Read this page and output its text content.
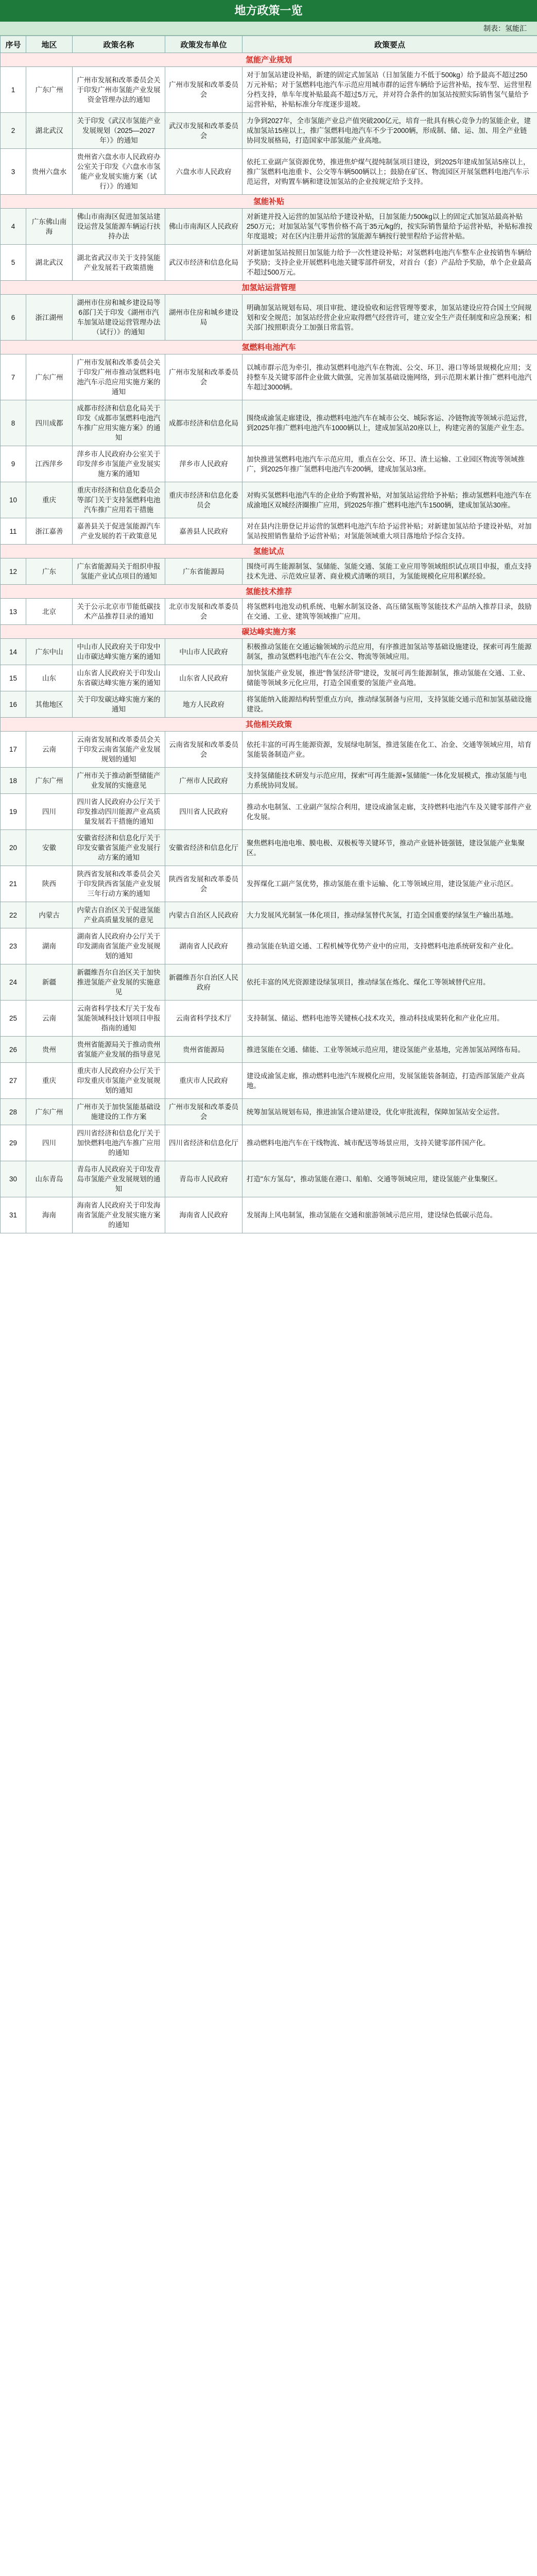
地方政策一览
制表：氢能汇
序号	地区	政策名称	政策发布单位	政策要点
氢能产业规划				
1	广东广州	广州市发展和改革委员会关于印发广州市氢能产业发展资金管理办法的通知	广州市发展和改革委员会	对于加氢站建设补贴，新建的固定式加氢站（日加氢能力不低于500kg）给予最高不超过250万元补贴；对于氢燃料电池汽车示范应用城市群的运营车辆给予运营补贴，按车型、运营里程分档支持，单车年度补贴最高不超过5万元，并对符合条件的加氢站按照实际销售氢气量给予运营补贴，补贴标准分年度逐步退坡。
2	湖北武汉	关于印发《武汉市氢能产业发展规划（2025—2027年）》的通知	武汉市发展和改革委员会	力争到2027年，全市氢能产业总产值突破200亿元，培育一批具有核心竞争力的氢能企业，建成加氢站15座以上，推广氢燃料电池汽车不少于2000辆，形成制、储、运、加、用全产业链协同发展格局，打造国家中部氢能产业高地。
3	贵州六盘水	贵州省六盘水市人民政府办公室关于印发《六盘水市氢能产业发展实施方案（试行）》的通知	六盘水市人民政府	依托工业副产氢资源优势，推进焦炉煤气提纯制氢项目建设，到2025年建成加氢站5座以上，推广氢燃料电池重卡、公交等车辆500辆以上；鼓励在矿区、物流园区开展氢燃料电池汽车示范运营，对购置车辆和建设加氢站的企业按规定给予支持。
氢能补贴				
4	广东佛山南海	佛山市南海区促进加氢站建设运营及氢能源车辆运行扶持办法	佛山市南海区人民政府	对新建并投入运营的加氢站给予建设补贴，日加氢能力500kg以上的固定式加氢站最高补贴250万元；对加氢站氢气零售价格不高于35元/kg的，按实际销售量给予运营补贴，补贴标准按年度退坡；对在区内注册并运营的氢能源车辆按行驶里程给予运营补贴。
5	湖北武汉	湖北省武汉市关于支持氢能产业发展若干政策措施	武汉市经济和信息化局	对新建加氢站按照日加氢能力给予一次性建设补贴；对氢燃料电池汽车整车企业按销售车辆给予奖励；支持企业开展燃料电池关键零部件研发，对首台（套）产品给予奖励，单个企业最高不超过500万元。
加氢站运营管理				
6	浙江湖州	湖州市住房和城乡建设局等6部门关于印发《湖州市汽车加氢站建设运营管理办法（试行）》的通知	湖州市住房和城乡建设局	明确加氢站规划布局、项目审批、建设验收和运营管理等要求，加氢站建设应符合国土空间规划和安全规范；加氢站经营企业应取得燃气经营许可，建立安全生产责任制度和应急预案；相关部门按照职责分工加强日常监管。
氢燃料电池汽车				
7	广东广州	广州市发展和改革委员会关于印发广州市推动氢燃料电池汽车示范应用实施方案的通知	广州市发展和改革委员会	以城市群示范为牵引，推动氢燃料电池汽车在物流、公交、环卫、港口等场景规模化应用；支持整车及关键零部件企业做大做强，完善加氢基础设施网络，到示范期末累计推广燃料电池汽车超过3000辆。
8	四川成都	成都市经济和信息化局关于印发《成都市氢燃料电池汽车推广应用实施方案》的通知	成都市经济和信息化局	围绕成渝氢走廊建设，推动燃料电池汽车在城市公交、城际客运、冷链物流等领域示范运营，到2025年推广燃料电池汽车1000辆以上，建成加氢站20座以上，构建完善的氢能产业生态。
9	江西萍乡	萍乡市人民政府办公室关于印发萍乡市氢能产业发展实施方案的通知	萍乡市人民政府	加快推进氢燃料电池汽车示范应用，重点在公交、环卫、渣土运输、工业园区物流等领域推广，到2025年推广氢燃料电池汽车200辆，建成加氢站3座。
10	重庆	重庆市经济和信息化委员会等部门关于支持氢燃料电池汽车推广应用若干措施	重庆市经济和信息化委员会	对购买氢燃料电池汽车的企业给予购置补贴，对加氢站运营给予补贴；推动氢燃料电池汽车在成渝地区双城经济圈推广应用，到2025年推广燃料电池汽车1500辆，建成加氢站30座。
11	浙江嘉善	嘉善县关于促进氢能源汽车产业发展的若干政策意见	嘉善县人民政府	对在县内注册登记并运营的氢燃料电池汽车给予运营补贴；对新建加氢站给予建设补贴，对加氢站按照销售量给予运营补贴；对氢能领域重大项目落地给予综合支持。
氢能试点				
12	广东	广东省能源局关于组织申报氢能产业试点项目的通知	广东省能源局	围绕可再生能源制氢、氢储能、氢能交通、氢能工业应用等领域组织试点项目申报，重点支持技术先进、示范效应显著、商业模式清晰的项目，为氢能规模化应用积累经验。
氢能技术推荐				
13	北京	关于公示北京市节能低碳技术产品推荐目录的通知	北京市发展和改革委员会	将氢燃料电池发动机系统、电解水制氢设备、高压储氢瓶等氢能技术产品纳入推荐目录，鼓励在交通、工业、建筑等领域推广应用。
碳达峰实施方案				
14	广东中山	中山市人民政府关于印发中山市碳达峰实施方案的通知	中山市人民政府	积极推动氢能在交通运输领域的示范应用，有序推进加氢站等基础设施建设，探索可再生能源制氢，推动氢燃料电池汽车在公交、物流等领域应用。
15	山东	山东省人民政府关于印发山东省碳达峰实施方案的通知	山东省人民政府	加快氢能产业发展，推进"鲁氢经济带"建设，发展可再生能源制氢，推动氢能在交通、工业、储能等领域多元化应用，打造全国重要的氢能产业高地。
16	其他地区	关于印发碳达峰实施方案的通知	地方人民政府	将氢能纳入能源结构转型重点方向，推动绿氢制备与应用，支持氢能交通示范和加氢基础设施建设。
其他相关政策				
17	云南	云南省发展和改革委员会关于印发云南省氢能产业发展规划的通知	云南省发展和改革委员会	依托丰富的可再生能源资源，发展绿电制氢，推进氢能在化工、冶金、交通等领域应用，培育氢能装备制造产业。
18	广东广州	广州市关于推动新型储能产业发展的实施意见	广州市人民政府	支持氢储能技术研发与示范应用，探索"可再生能源+氢储能"一体化发展模式，推动氢能与电力系统协同发展。
19	四川	四川省人民政府办公厅关于印发推动四川能源产业高质量发展若干措施的通知	四川省人民政府	推动水电制氢、工业副产氢综合利用，建设成渝氢走廊，支持燃料电池汽车及关键零部件产业化发展。
20	安徽	安徽省经济和信息化厅关于印发安徽省氢能产业发展行动方案的通知	安徽省经济和信息化厅	聚焦燃料电池电堆、膜电极、双极板等关键环节，推动产业链补链强链，建设氢能产业集聚区。
21	陕西	陕西省发展和改革委员会关于印发陕西省氢能产业发展三年行动方案的通知	陕西省发展和改革委员会	发挥煤化工副产氢优势，推动氢能在重卡运输、化工等领域应用，建设氢能产业示范区。
22	内蒙古	内蒙古自治区关于促进氢能产业高质量发展的意见	内蒙古自治区人民政府	大力发展风光制氢一体化项目，推动绿氢替代灰氢，打造全国重要的绿氢生产输出基地。
23	湖南	湖南省人民政府办公厅关于印发湖南省氢能产业发展规划的通知	湖南省人民政府	推动氢能在轨道交通、工程机械等优势产业中的应用，支持燃料电池系统研发和产业化。
24	新疆	新疆维吾尔自治区关于加快推进氢能产业发展的实施意见	新疆维吾尔自治区人民政府	依托丰富的风光资源建设绿氢项目，推动绿氢在炼化、煤化工等领域替代应用。
25	云南	云南省科学技术厅关于发布氢能领域科技计划项目申报指南的通知	云南省科学技术厅	支持制氢、储运、燃料电池等关键核心技术攻关，推动科技成果转化和产业化应用。
26	贵州	贵州省能源局关于推动贵州省氢能产业发展的指导意见	贵州省能源局	推进氢能在交通、储能、工业等领域示范应用，建设氢能产业基地，完善加氢站网络布局。
27	重庆	重庆市人民政府办公厅关于印发重庆市氢能产业发展规划的通知	重庆市人民政府	建设成渝氢走廊，推动燃料电池汽车规模化应用，发展氢能装备制造，打造西部氢能产业高地。
28	广东广州	广州市关于加快氢能基础设施建设的工作方案	广州市发展和改革委员会	统筹加氢站规划布局，推进油氢合建站建设，优化审批流程，保障加氢站安全运营。
29	四川	四川省经济和信息化厅关于加快燃料电池汽车推广应用的通知	四川省经济和信息化厅	推动燃料电池汽车在干线物流、城市配送等场景应用，支持关键零部件国产化。
30	山东青岛	青岛市人民政府关于印发青岛市氢能产业发展规划的通知	青岛市人民政府	打造"东方氢岛"，推动氢能在港口、船舶、交通等领域应用，建设氢能产业集聚区。
31	海南	海南省人民政府关于印发海南省氢能产业发展实施方案的通知	海南省人民政府	发展海上风电制氢，推动氢能在交通和旅游领域示范应用，建设绿色低碳示范岛。
